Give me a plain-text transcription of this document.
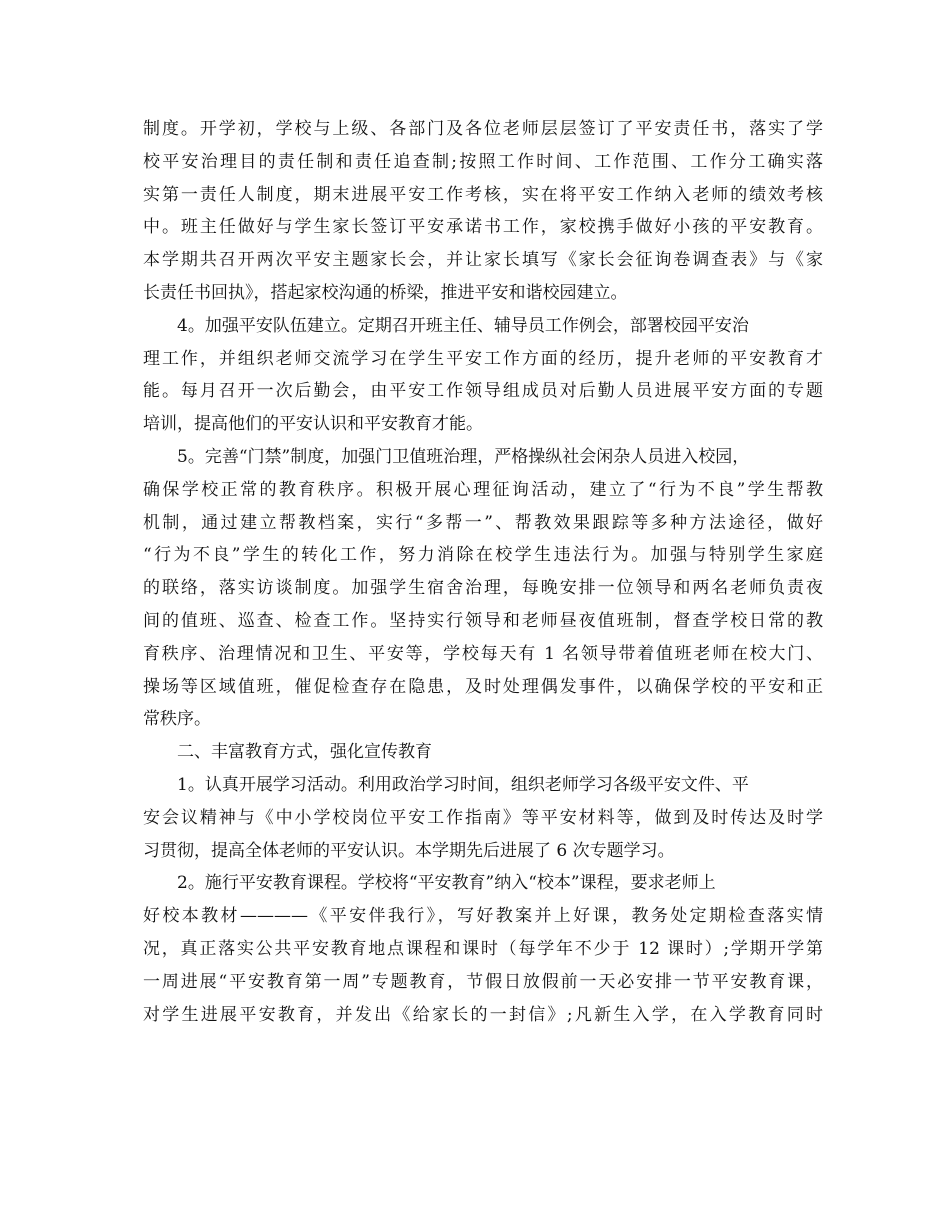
制度。开学初，学校与上级、各部门及各位老师层层签订了平安责任书，落实了学
校平安治理目的责任制和责任追查制;按照工作时间、工作范围、工作分工确实落
实第一责任人制度，期末进展平安工作考核，实在将平安工作纳入老师的绩效考核
中。班主任做好与学生家长签订平安承诺书工作，家校携手做好小孩的平安教育。
本学期共召开两次平安主题家长会，并让家长填写《家长会征询卷调查表》与《家
长责任书回执》，搭起家校沟通的桥梁，推进平安和谐校园建立。
4。加强平安队伍建立。定期召开班主任、辅导员工作例会，部署校园平安治
理工作，并组织老师交流学习在学生平安工作方面的经历，提升老师的平安教育才
能。每月召开一次后勤会，由平安工作领导组成员对后勤人员进展平安方面的专题
培训，提高他们的平安认识和平安教育才能。
5。完善“门禁”制度，加强门卫值班治理，严格操纵社会闲杂人员进入校园，
确保学校正常的教育秩序。积极开展心理征询活动，建立了“行为不良”学生帮教
机制，通过建立帮教档案，实行“多帮一”、帮教效果跟踪等多种方法途径，做好
“行为不良”学生的转化工作，努力消除在校学生违法行为。加强与特别学生家庭
的联络，落实访谈制度。加强学生宿舍治理，每晚安排一位领导和两名老师负责夜
间的值班、巡查、检查工作。坚持实行领导和老师昼夜值班制，督查学校日常的教
育秩序、治理情况和卫生、平安等，学校每天有 1 名领导带着值班老师在校大门、
操场等区域值班，催促检查存在隐患，及时处理偶发事件，以确保学校的平安和正
常秩序。
二、丰富教育方式，强化宣传教育
1。认真开展学习活动。利用政治学习时间，组织老师学习各级平安文件、平
安会议精神与《中小学校岗位平安工作指南》等平安材料等，做到及时传达及时学
习贯彻，提高全体老师的平安认识。本学期先后进展了 6 次专题学习。
2。施行平安教育课程。学校将“平安教育”纳入“校本”课程，要求老师上
好校本教材————《平安伴我行》，写好教案并上好课，教务处定期检查落实情
况，真正落实公共平安教育地点课程和课时（每学年不少于 12 课时）;学期开学第
一周进展“平安教育第一周”专题教育，节假日放假前一天必安排一节平安教育课，
对学生进展平安教育，并发出《给家长的一封信》;凡新生入学，在入学教育同时
